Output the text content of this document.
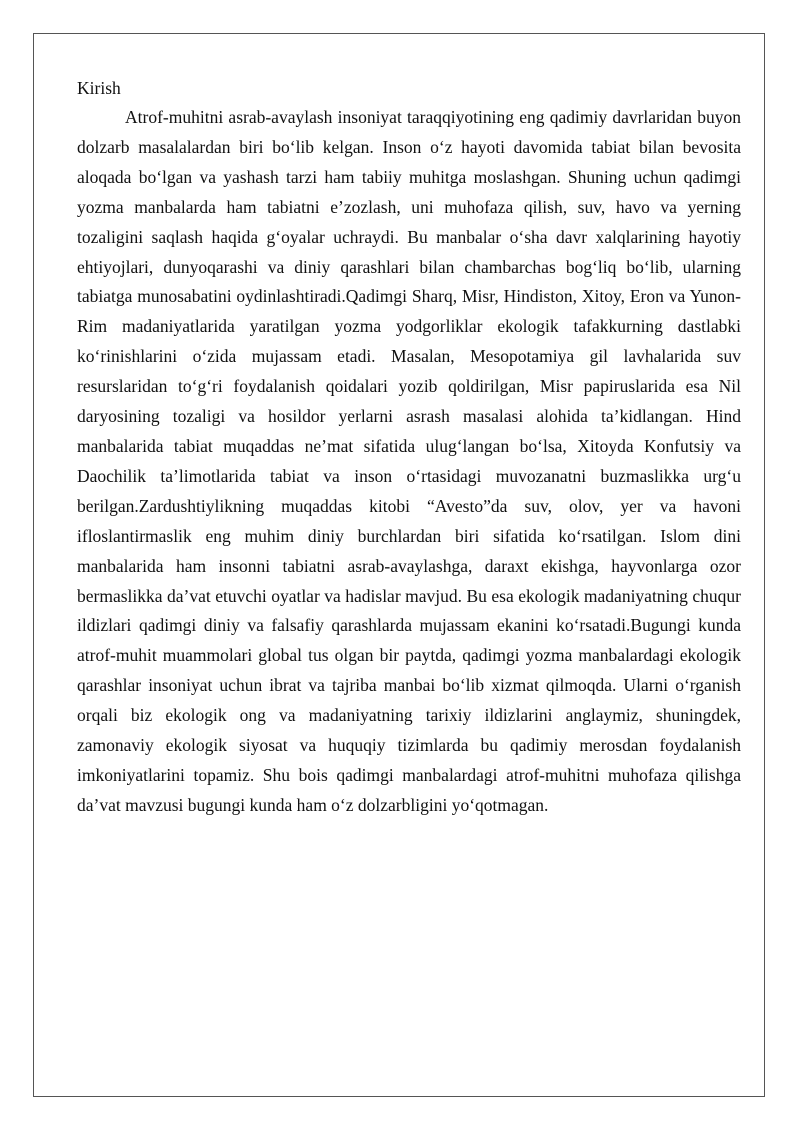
Kirish

Atrof-muhitni asrab-avaylash insoniyat taraqqiyotining eng qadimiy davrlaridan buyon dolzarb masalalardan biri bo‘lib kelgan. Inson o‘z hayoti davomida tabiat bilan bevosita aloqada bo‘lgan va yashash tarzi ham tabiiy muhitga moslashgan. Shuning uchun qadimgi yozma manbalarda ham tabiatni e’zozlash, uni muhofaza qilish, suv, havo va yerning tozaligini saqlash haqida g‘oyalar uchraydi. Bu manbalar o‘sha davr xalqlarining hayotiy ehtiyojlari, dunyoqarashi va diniy qarashlari bilan chambarchas bog‘liq bo‘lib, ularning tabiatga munosabatini oydinlashtiradi.Qadimgi Sharq, Misr, Hindiston, Xitoy, Eron va Yunon-Rim madaniyatlarida yaratilgan yozma yodgorliklar ekologik tafakkurning dastlabki ko‘rinishlarini o‘zida mujassam etadi. Masalan, Mesopotamiya gil lavhalarida suv resurslaridan to‘g‘ri foydalanish qoidalari yozib qoldirilgan, Misr papiruslarida esa Nil daryosining tozaligi va hosildor yerlarni asrash masalasi alohida ta’kidlangan. Hind manbalarida tabiat muqaddas ne’mat sifatida ulug‘langan bo‘lsa, Xitoyda Konfutsiy va Daochilik ta’limotlarida tabiat va inson o‘rtasidagi muvozanatni buzmaslikka urg‘u berilgan.Zardushtiylikning muqaddas kitobi “Avesto”da suv, olov, yer va havoni ifloslantirmaslik eng muhim diniy burchlardan biri sifatida ko‘rsatilgan. Islom dini manbalarida ham insonni tabiatni asrab-avaylashga, daraxt ekishga, hayvonlarga ozor bermaslikka da’vat etuvchi oyatlar va hadislar mavjud. Bu esa ekologik madaniyatning chuqur ildizlari qadimgi diniy va falsafiy qarashlarda mujassam ekanini ko‘rsatadi.Bugungi kunda atrof-muhit muammolari global tus olgan bir paytda, qadimgi yozma manbalardagi ekologik qarashlar insoniyat uchun ibrat va tajriba manbai bo‘lib xizmat qilmoqda. Ularni o‘rganish orqali biz ekologik ong va madaniyatning tarixiy ildizlarini anglaymiz, shuningdek, zamonaviy ekologik siyosat va huquqiy tizimlarda bu qadimiy merosdan foydalanish imkoniyatlarini topamiz. Shu bois qadimgi manbalardagi atrof-muhitni muhofaza qilishga da’vat mavzusi bugungi kunda ham o‘z dolzarbligini yo‘qotmagan.
